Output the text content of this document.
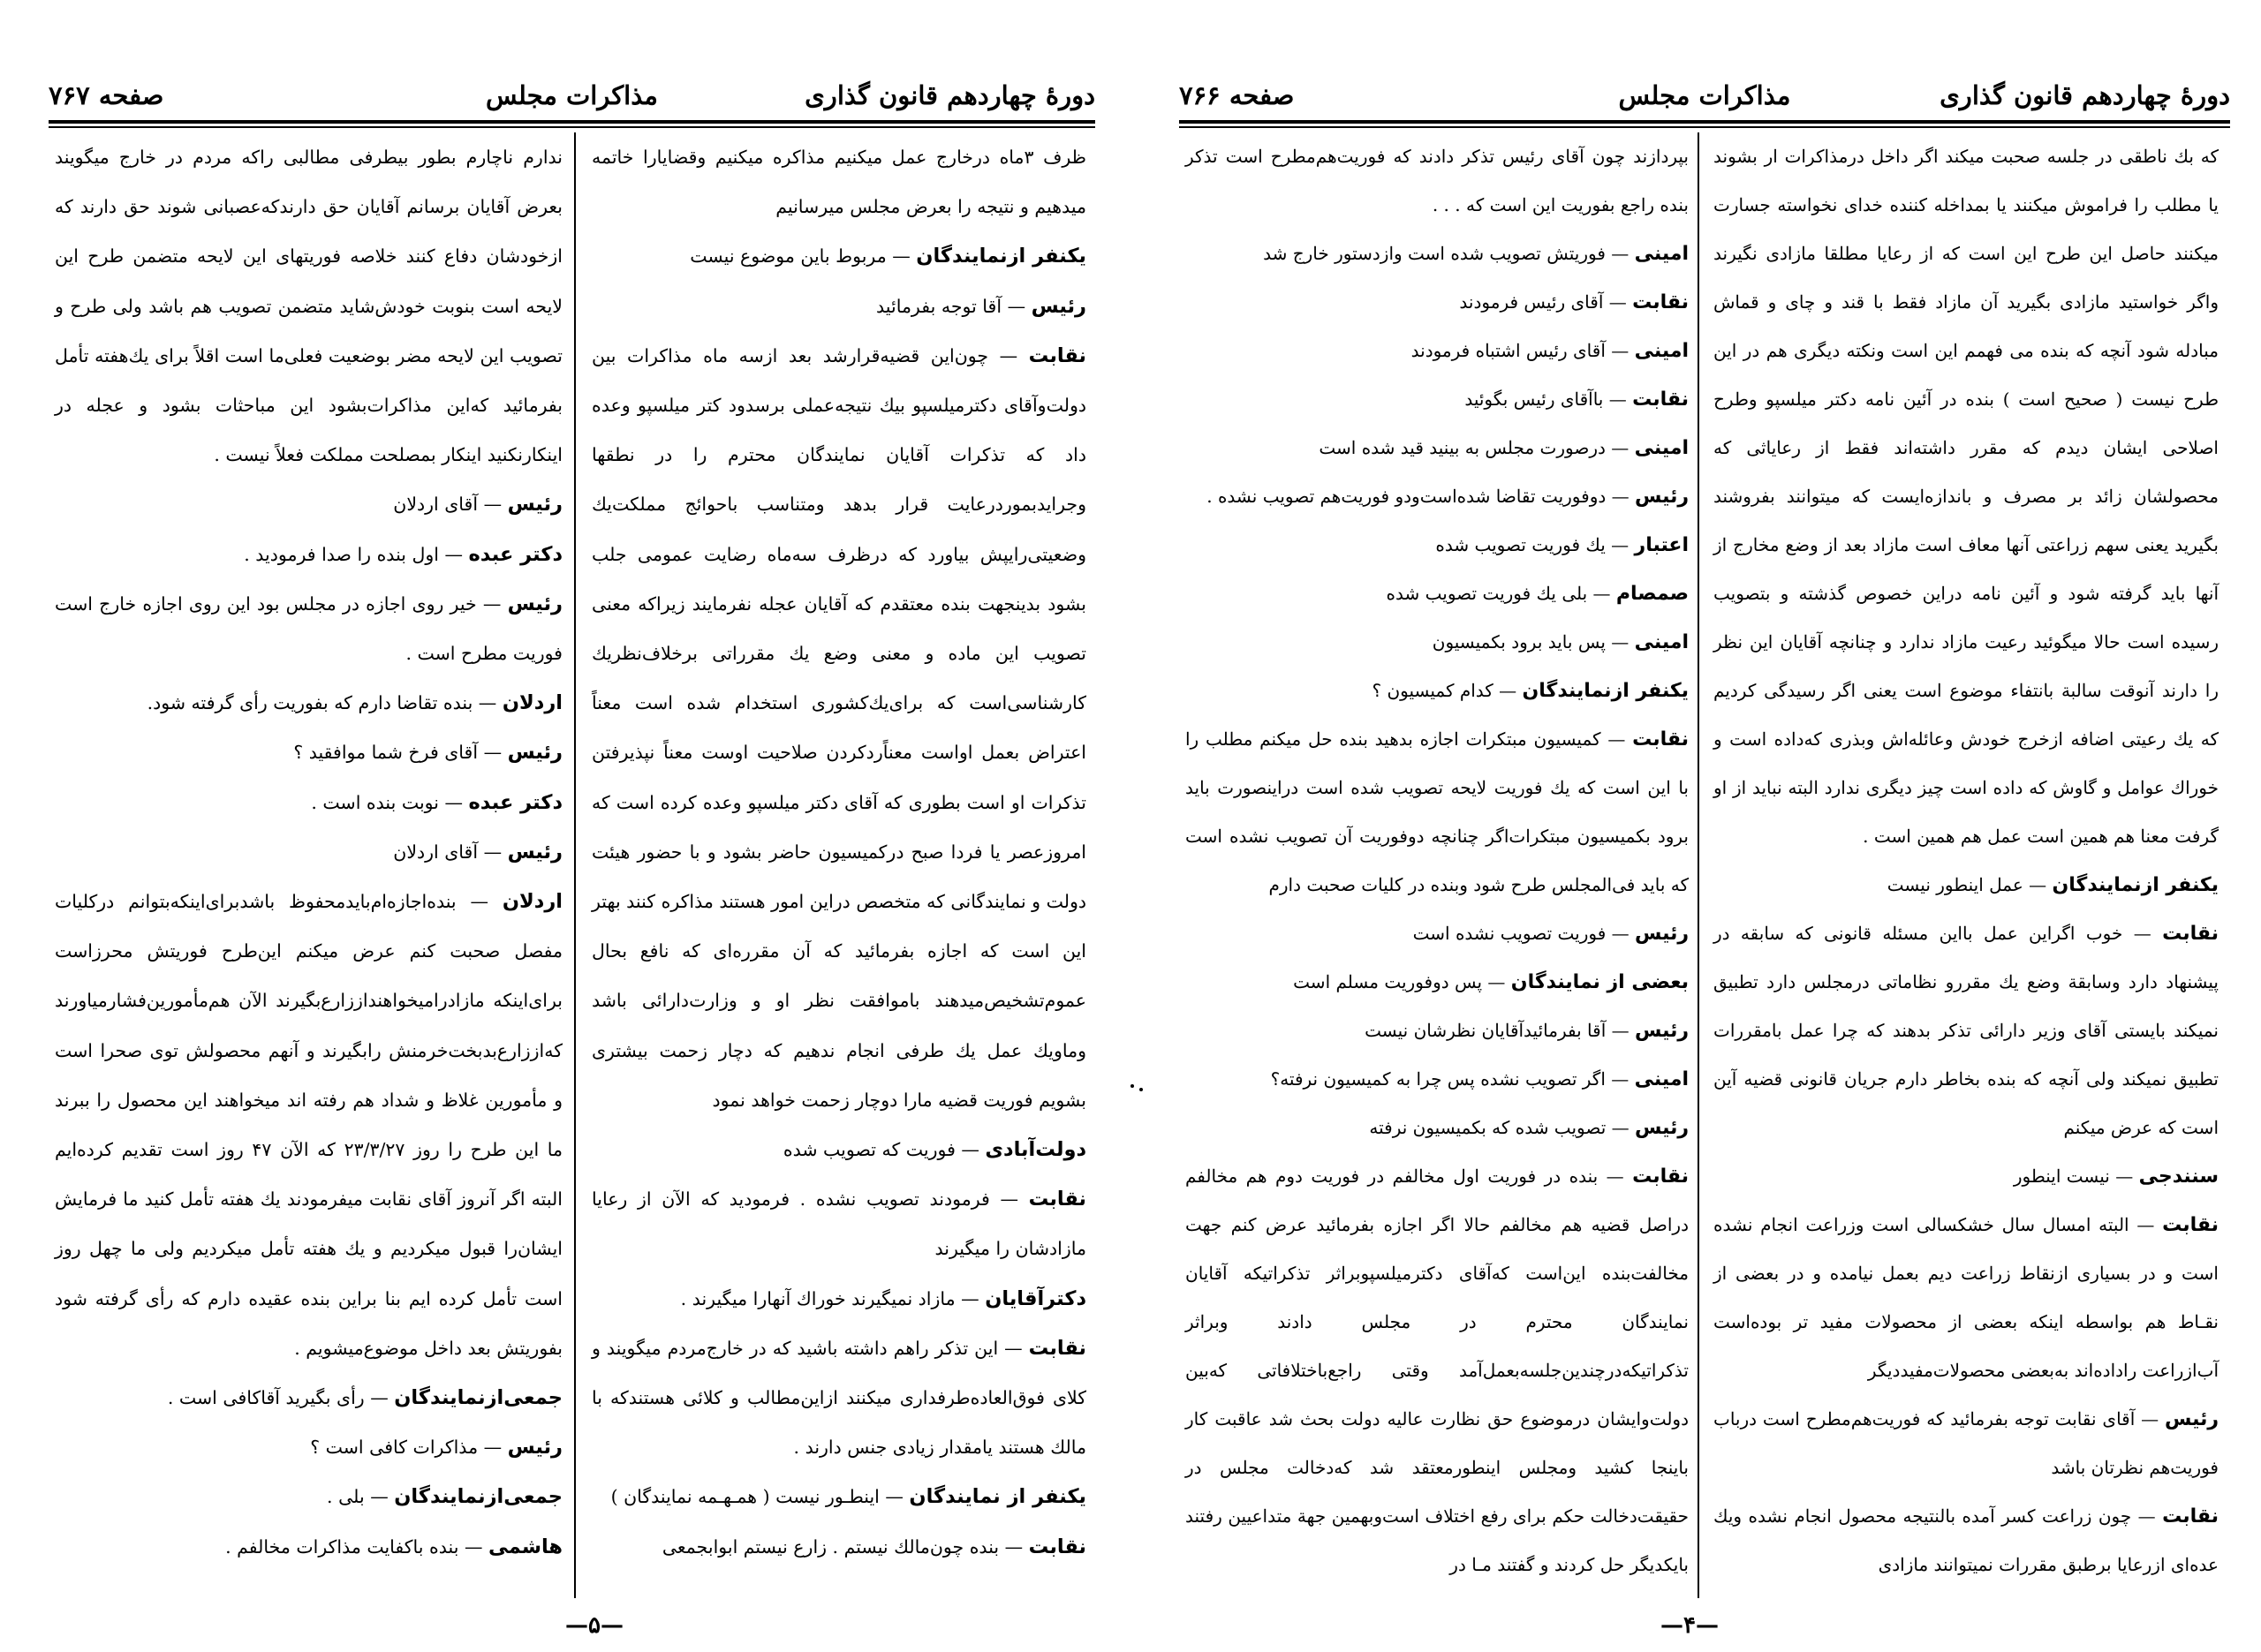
دورۀ چهاردهم قانون گذاری
مذاکرات مجلس
صفحه ۷۶۶

که بك ناطقى در جلسه صحبت ميكند اگر داخل درمذاكرات ار بشوند يا مطلب را فراموش ميكنند يا بمداخله كننده خداى نخواسته جسارت ميكنند حاصل اين طرح اين است كه از رعايا مطلقا مازادى نگيرند واگر خواستيد مازادى بگيريد آن مازاد فقط با قند و چاى و قماش مبادله شود آنچه كه بنده مى فهمم اين است ونكته ديگرى هم در اين طرح نيست ( صحيح است ) بنده در آئين نامه دكتر ميلسپو وطرح اصلاحى ايشان ديدم كه مقرر داشته‌اند فقط از رعاياثى كه محصولشان زائد بر مصرف و باندازه‌ايست كه ميتوانند بفروشند بگيريد يعنى سهم زراعتى آنها معاف است مازاد بعد از وضع مخارج از آنها بايد گرفته شود و آئين نامه دراين خصوص گذشته و بتصويب رسيده است حالا ميگوئيد رعيت مازاد ندارد و چنانچه آقايان اين نظر را دارند آنوقت سالبة بانتفاء موضوع است يعنى اگر رسيدگى كرديم كه يك رعيتى اضافه ازخرج خودش وعائله‌اش وبذرى كه‌داده است و خوراك عوامل و گاوش كه داده است چيز ديگرى ندارد البته نبايد از او گرفت معنا هم همين است عمل هم همين است .

يكنفر ازنمايندگان — عمل اينطور نيست

نقابت — خوب اگراين عمل با‌اين مسئله قانونى كه سابقه در پيشنهاد دارد وسابقة وضع يك مقررو نظاماتى درمجلس دارد تطبيق نميكند بايستى آقاى وزير دارائى تذكر بدهند كه چرا عمل بامقررات تطبيق نميكند ولى آنچه كه بنده بخاطر دارم جريان قانونى قضيه آين است كه عرض ميكنم

سنندجى — نيست اينطور

نقابت — البته امسال سال خشكسالى است وزراعت انجام نشده است و در بسيارى ازنقاط زراعت ديم بعمل نيامده و در بعضى از نقـاط هم بواسطه اينكه بعضى از محصولات مفيد تر بوده‌است آب‌ازراعت راداده‌اند به‌بعضى محصولات‌مفيدديگر

رئيس — آقاى نقابت توجه بفرمائيد كه فوريت‌هم‌مطرح است درباب فوريت‌هم نظرتان باشد

نقابت — چون زراعت كسر آمده بالنتيجه محصول انجام نشده ويك عده‌اى ازرعايا برطبق مقررات نميتوانند مازادى

بپردازند چون آقاى رئيس تذكر دادند كه فوريت‌هم‌مطرح است تذكر بنده راجع بفوريت اين است كه . . .

امينى — فوريتش تصويب شده است وازدستور خارج شد

نقابت — آقاى رئيس فرمودند

امينى — آقاى رئيس اشتباه فرمودند

نقابت — باآقاى رئيس بگوئيد

امينى — درصورت مجلس به بينيد قيد شده است

رئيس — دوفوريت تقاضا شده‌است‌ودو فوريت‌هم تصويب نشده .

اعتبار — يك فوريت تصويب شده

صمصام — بلى يك فوريت تصويب شده

امينى — پس بايد برود بكميسيون

يكنفر ازنمايندگان — كدام كميسيون ؟

نقابت — كميسيون مبتكرات اجازه بدهيد بنده حل ميكنم مطلب را با اين است كه يك فوريت لايحه تصويب شده است دراينصورت بايد برود بكميسيون مبتكرات‌اگر چنانچه دوفوريت آن تصويب نشده است كه بايد فى‌المجلس طرح شود وبنده در كليات صحبت دارم

رئيس — فوريت تصويب نشده است

بعضى از نمايندگان — پس دوفوريت مسلم است

رئيس — آقا بفرمائيد‌آقايان نظرشان نيست

امينى — اگر تصويب نشده پس چرا به كميسيون نرفته؟

رئيس — تصويب شده كه بكميسيون نرفته

نقابت — بنده در فوريت اول مخالفم در فوريت دوم هم مخالفم دراصل قضيه هم مخالفم حالا اگر اجازه بفرمائيد عرض كنم جهت مخالفت‌بنده اين‌است كه‌آقاى دكتر‌ميلسپوبراثر تذكراتيكه آقايان نمايندگان محترم در مجلس دادند وبراثر تذكراتيكه‌درچندين‌جلسه‌بعمل‌آمد وقتى راجع‌باختلافاتى كه‌بين دولت‌وايشان درموضوع حق نظارت عاليه دولت بحث شد عاقبت كار باينجا كشيد ومجلس اينطورمعتقد شد كه‌دخالت مجلس در حقيقت‌دخالت حكم براى رفع اختلاف است‌وبهمين جهة متداعيين رفتند بايكديگر حل كردند و گفتند مـا در

—۴—
دورۀ چهاردهم قانون گذارى
مذاكرات مجلس
صفحه ۷۶۷

ظرف ۳ماه درخارج عمل ميكنيم مذاكره ميكنيم وقضايارا خاتمه ميدهيم و نتيجه را بعرض مجلس ميرسانيم

يكنفر ازنمايندگان — مربوط باين موضوع نيست

رئيس — آقا توجه بفرمائيد

نقابت — چون‌اين قضيه‌قرارشد بعد ازسه ماه مذاكرات بين دولت‌وآقاى دكترميلسپو بيك نتيجه‌عملى برسدود كتر ميلسپو وعده داد كه تذكرات آقايان نمايندگان محترم را در نطقها وجرايدبموردرعايت قرار بدهد ومتناسب باحوائج مملكت‌يك وضعيتى‌رايپش بياورد كه درظرف سه‌ماه رضايت عمومى جلب بشود بدينجهت بنده معتقدم كه آقايان عجله نفرمايند زيراكه معنى تصويب اين ماده و معنى وضع يك مقرراتى برخلاف‌نظر‌يك كارشناسى‌است كه براى‌يك‌كشورى استخدام شده است معناً اعتراض بعمل او‌است معناً‌ردكردن صلاحيت اوست معناً نپذيرفتن تذكرات او است بطورى كه آقاى دكتر ميلسپو وعده كرده است كه امروزعصر يا فردا صبح دركميسيون حاضر بشود و با حضور هيئت دولت و نمايندگانى كه متخصص دراين امور هستند مذاكره كنند بهتر اين است كه اجازه بفرمائيد كه آن مقرره‌اى كه نافع بحال عموم‌تشخيص‌ميدهند باموافقت نظر او و وزارت‌دارائى باشد وماويك عمل يك طرفى انجام ندهيم كه دچار زحمت بيشترى بشويم فوريت قضيه مارا دوچار زحمت خواهد نمود

دولت‌آبادى — فوريت كه تصويب شده

نقابت — فرمودند تصويب نشده . فرموديد كه الآن از رعايا مازادشان را ميگيرند

دكترآقايان — مازاد نميگيرند خوراك آنهارا ميگيرند .

نقابت — اين تذكر راهم داشته باشيد كه در خارج‌مردم ميگويند و كلاى فوق‌العاده‌طرفدارى ميكنند ازاين‌مطالب و كلائى هستندكه با مالك هستند يامقدار زيادى جنس دارند .

يكنفر از نمايندگان — اينطـور نيست ( همـهـمه نمايندگان )

نقابت — بنده چون‌مالك نيستم . زارع نيستم ابوابجمعى

ندارم ناچارم بطور بيطرفى مطالبى راكه مردم در خارج ميگويند بعرض آقايان برسانم آقايان حق دارندكه‌عصبانى شوند حق دارند كه ازخودشان دفاع كنند خلاصه فوريتهاى اين لايحه متضمن طرح اين لايحه است بنوبت خودش‌شايد متضمن تصويب هم باشد ولى طرح و تصويب اين لايحه مضر بوضعيت فعلى‌ما است اقلاً براى يك‌هفته تأمل بفرمائيد كه‌اين مذاكرات‌بشود اين مباحثات بشود و عجله در اينكار‌نكنيد اينكار بمصلحت مملكت فعلاً نيست .

رئيس — آقاى اردلان

دكتر عبده — اول بنده را صدا فرموديد .

رئيس — خير روى اجازه در مجلس بود اين روى اجازه خارج است فوريت مطرح است .

اردلان — بنده تقاضا دارم كه بفوريت رأى گرفته شود.

رئيس — آقاى فرخ شما موافقيد ؟

دكتر عبده — نوبت بنده است .

رئيس — آقاى اردلان

اردلان — بنده‌اجازه‌ام‌بايدمحفوظ باشدبراى‌اينكه‌بتوانم دركليات مفصل صحبت كنم عرض ميكنم اين‌طرح فوريتش محرزاست براى‌اينكه مازادراميخواهند‌ازز‌ارع‌بگيرند الآن هم‌مأمورين‌فشارمياورند كه‌اززارع‌بدبخت‌خرمنش رابگيرند و آنهم محصولش توى صحرا است و مأمورين غلاظ و شداد هم رفته اند ميخواهند اين محصول را ببرند ما اين طرح را روز ۲۳/۳/۲۷ كه الآن ۴۷ روز است تقديم كرده‌ايم البته اگر آنروز آقاى نقابت ميفرمودند يك هفته تأمل كنيد ما فرمايش ايشان‌را قبول ميكرديم و يك هفته تأمل ميكرديم ولى ما چهل روز است تأمل كرده ايم بنا براين بنده عقيده دارم كه رأى گرفته شود بفوريتش بعد داخل موضوع‌ميشويم .

جمعى‌ازنمايندگان — رأى بگيريد آقاكافى است .

رئيس — مذاكرات كافى است ؟

جمعى‌ازنمايندگان — بلى .

هاشمى — بنده باكفايت مذاكرات مخالفم .

—۵—
